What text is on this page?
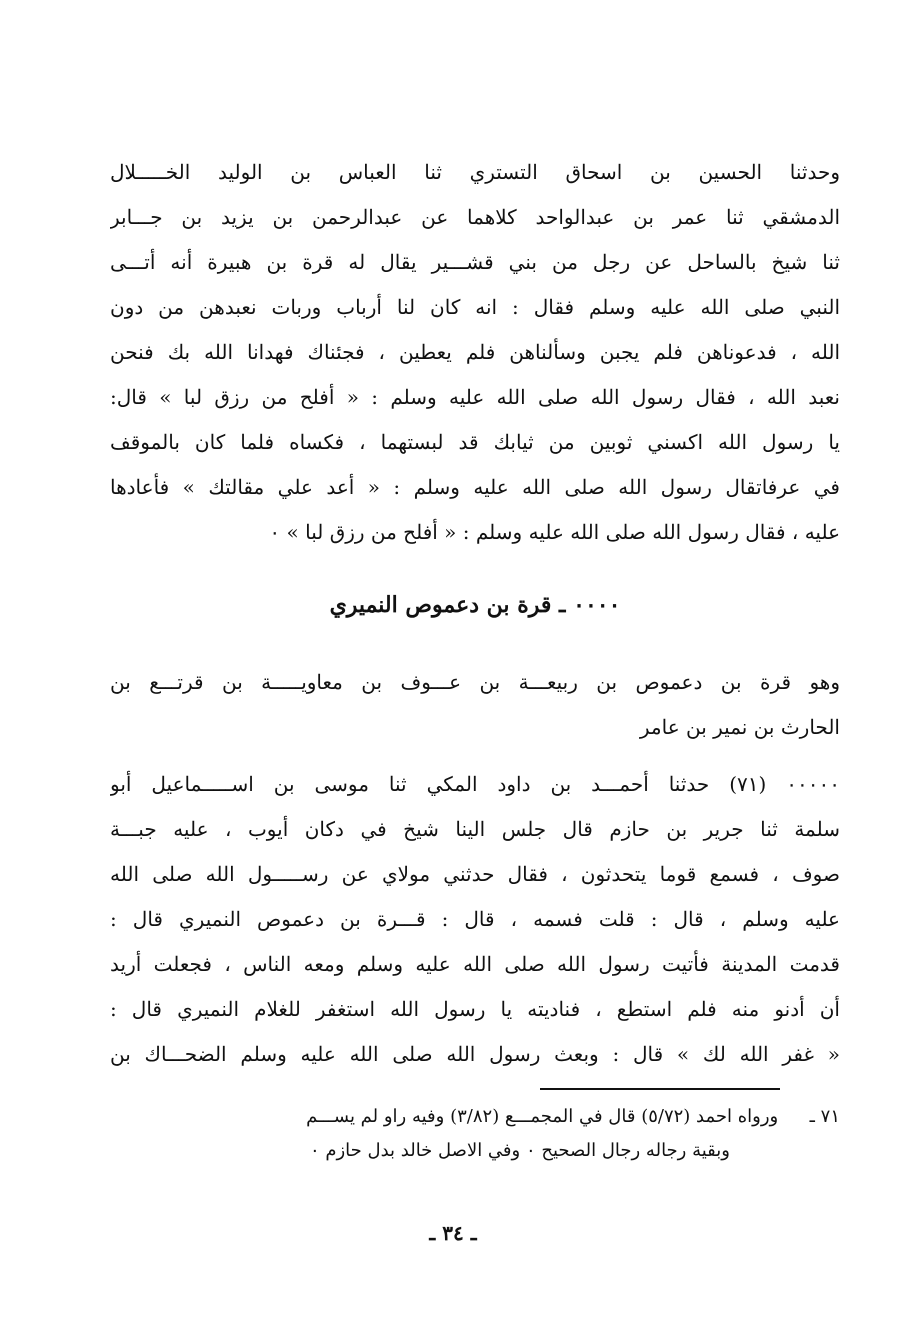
وحدثنا الحسين بن اسحاق التستري ثنا العباس بن الوليد الخـــــلال
الدمشقي ثنا عمر بن عبدالواحد كلاهما عن عبدالرحمن بن يزيد بن جـــابر
ثنا شيخ بالساحل عن رجل من بني قشـــير يقال له قرة بن هبيرة أنه أتـــى
النبي صلى الله عليه وسلم فقال : انه كان لنا أرباب وربات نعبدهن من دون
الله ، فدعوناهن فلم يجبن وسألناهن فلم يعطين ، فجئناك فهدانا الله بك فنحن
نعبد الله ، فقال رسول الله صلى الله عليه وسلم : « أفلح من رزق لبا » قال:
يا رسول الله اكسني ثوبين من ثيابك قد لبستهما ، فكساه فلما كان بالموقف
في عرفاتقال رسول الله صلى الله عليه وسلم : « أعد علي مقالتك » فأعادها
عليه ، فقال رسول الله صلى الله عليه وسلم : « أفلح من رزق لبا » ٠
٠٠٠٠ ـ قرة بن دعموص النميري
وهو قرة بن دعموص بن ربيعـــة بن عـــوف بن معاويـــــة بن قرتـــع بن
الحارث بن نمير بن عامر
٠٠٠٠٠ (٧١) حدثنا أحمـــد بن داود المكي ثنا موسى بن اســـــماعيل أبو
سلمة ثنا جرير بن حازم قال جلس الينا شيخ في دكان أيوب ، عليه جبـــة
صوف ، فسمع قوما يتحدثون ، فقال حدثني مولاي عن رســـــول الله صلى الله
عليه وسلم ، قال : قلت فسمه ، قال : قـــرة بن دعموص النميري قال :
قدمت المدينة فأتيت رسول الله صلى الله عليه وسلم ومعه الناس ، فجعلت أريد
أن أدنو منه فلم استطع ، فناديته يا رسول الله استغفر للغلام النميري قال :
« غفر الله لك » قال : وبعث رسول الله صلى الله عليه وسلم الضحـــاك بن
٧١ ـ ورواه احمد (٥/٧٢) قال في المجمـــع (٣/٨٢) وفيه راو لم يســـم
وبقية رجاله رجال الصحيح ٠ وفي الاصل خالد بدل حازم ٠
ـ ٣٤ ـ
